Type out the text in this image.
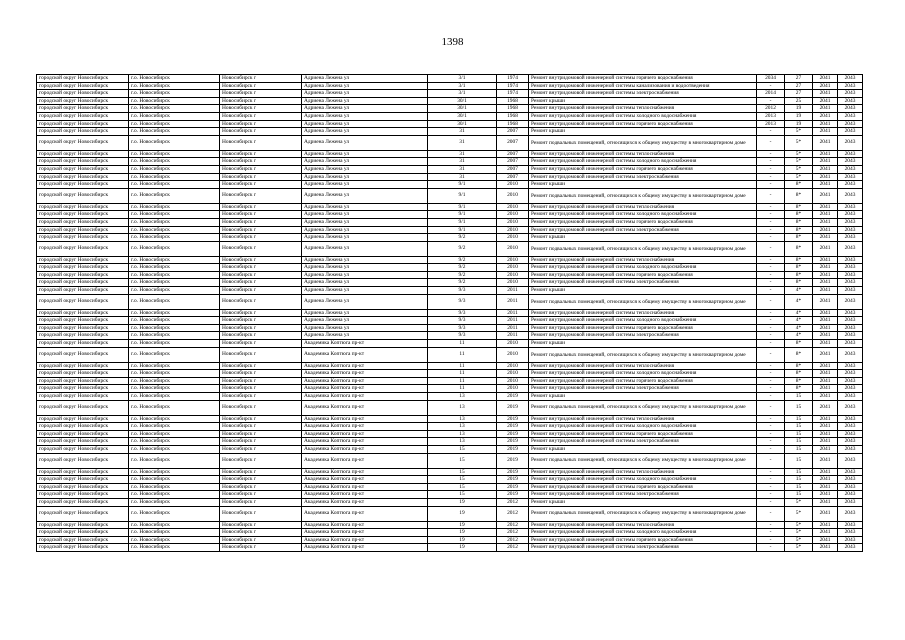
1398
городской округ Новосибирск	г.о. Новосибирск	Новосибирск г	Адриена Лежена ул	3/1	1974	Ремонт внутридомовой инженерной системы горячего водоснабжения	2034	27	2041	2043
городской округ Новосибирск	г.о. Новосибирск	Новосибирск г	Адриена Лежена ул	3/1	1974	Ремонт внутридомовой инженерной системы канализования и водоотведения	-	27	2041	2043
городской округ Новосибирск	г.о. Новосибирск	Новосибирск г	Адриена Лежена ул	3/1	1974	Ремонт внутридомовой инженерной системы электроснабжения	2014	27	2041	2043
городской округ Новосибирск	г.о. Новосибирск	Новосибирск г	Адриена Лежена ул	30/1	1968	Ремонт крыши	-	25	2041	2043
городской округ Новосибирск	г.о. Новосибирск	Новосибирск г	Адриена Лежена ул	30/1	1968	Ремонт внутридомовой инженерной системы теплоснабжения	2012	19	2041	2043
городской округ Новосибирск	г.о. Новосибирск	Новосибирск г	Адриена Лежена ул	30/1	1968	Ремонт внутридомовой инженерной системы холодного водоснабжения	2013	19	2041	2043
городской округ Новосибирск	г.о. Новосибирск	Новосибирск г	Адриена Лежена ул	30/1	1968	Ремонт внутридомовой инженерной системы горячего водоснабжения	2013	19	2041	2043
городской округ Новосибирск	г.о. Новосибирск	Новосибирск г	Адриена Лежена ул	31	2007	Ремонт крыши	-	5*	2041	2043
городской округ Новосибирск	г.о. Новосибирск	Новосибирск г	Адриена Лежена ул	31	2007	Ремонт подвальных помещений, относящихся к общему имуществу в многоквартирном доме	-	5*	2041	2043
городской округ Новосибирск	г.о. Новосибирск	Новосибирск г	Адриена Лежена ул	31	2007	Ремонт внутридомовой инженерной системы теплоснабжения	-	5*	2041	2043
городской округ Новосибирск	г.о. Новосибирск	Новосибирск г	Адриена Лежена ул	31	2007	Ремонт внутридомовой инженерной системы холодного водоснабжения	-	5*	2041	2043
городской округ Новосибирск	г.о. Новосибирск	Новосибирск г	Адриена Лежена ул	31	2007	Ремонт внутридомовой инженерной системы горячего водоснабжения	-	5*	2041	2043
городской округ Новосибирск	г.о. Новосибирск	Новосибирск г	Адриена Лежена ул	31	2007	Ремонт внутридомовой инженерной системы электроснабжения	-	5*	2041	2043
городской округ Новосибирск	г.о. Новосибирск	Новосибирск г	Адриена Лежена ул	9/1	2010	Ремонт крыши	-	8*	2041	2043
городской округ Новосибирск	г.о. Новосибирск	Новосибирск г	Адриена Лежена ул	9/1	2010	Ремонт подвальных помещений, относящихся к общему имуществу в многоквартирном доме	-	8*	2041	2043
городской округ Новосибирск	г.о. Новосибирск	Новосибирск г	Адриена Лежена ул	9/1	2010	Ремонт внутридомовой инженерной системы теплоснабжения	-	8*	2041	2043
городской округ Новосибирск	г.о. Новосибирск	Новосибирск г	Адриена Лежена ул	9/1	2010	Ремонт внутридомовой инженерной системы холодного водоснабжения	-	8*	2041	2043
городской округ Новосибирск	г.о. Новосибирск	Новосибирск г	Адриена Лежена ул	9/1	2010	Ремонт внутридомовой инженерной системы горячего водоснабжения	-	8*	2041	2043
городской округ Новосибирск	г.о. Новосибирск	Новосибирск г	Адриена Лежена ул	9/1	2010	Ремонт внутридомовой инженерной системы электроснабжения	-	8*	2041	2043
городской округ Новосибирск	г.о. Новосибирск	Новосибирск г	Адриена Лежена ул	9/2	2010	Ремонт крыши	-	8*	2041	2043
городской округ Новосибирск	г.о. Новосибирск	Новосибирск г	Адриена Лежена ул	9/2	2010	Ремонт подвальных помещений, относящихся к общему имуществу в многоквартирном доме	-	8*	2041	2043
городской округ Новосибирск	г.о. Новосибирск	Новосибирск г	Адриена Лежена ул	9/2	2010	Ремонт внутридомовой инженерной системы теплоснабжения	-	8*	2041	2043
городской округ Новосибирск	г.о. Новосибирск	Новосибирск г	Адриена Лежена ул	9/2	2010	Ремонт внутридомовой инженерной системы холодного водоснабжения	-	8*	2041	2043
городской округ Новосибирск	г.о. Новосибирск	Новосибирск г	Адриена Лежена ул	9/2	2010	Ремонт внутридомовой инженерной системы горячего водоснабжения	-	8*	2041	2043
городской округ Новосибирск	г.о. Новосибирск	Новосибирск г	Адриена Лежена ул	9/2	2010	Ремонт внутридомовой инженерной системы электроснабжения	-	8*	2041	2043
городской округ Новосибирск	г.о. Новосибирск	Новосибирск г	Адриена Лежена ул	9/3	2011	Ремонт крыши	-	4*	2041	2043
городской округ Новосибирск	г.о. Новосибирск	Новосибирск г	Адриена Лежена ул	9/3	2011	Ремонт подвальных помещений, относящихся к общему имуществу в многоквартирном доме	-	4*	2041	2043
городской округ Новосибирск	г.о. Новосибирск	Новосибирск г	Адриена Лежена ул	9/3	2011	Ремонт внутридомовой инженерной системы теплоснабжения	-	4*	2041	2043
городской округ Новосибирск	г.о. Новосибирск	Новосибирск г	Адриена Лежена ул	9/3	2011	Ремонт внутридомовой инженерной системы холодного водоснабжения	-	4*	2041	2043
городской округ Новосибирск	г.о. Новосибирск	Новосибирск г	Адриена Лежена ул	9/3	2011	Ремонт внутридомовой инженерной системы горячего водоснабжения	-	4*	2041	2043
городской округ Новосибирск	г.о. Новосибирск	Новосибирск г	Адриена Лежена ул	9/3	2011	Ремонт внутридомовой инженерной системы электроснабжения	-	4*	2041	2043
городской округ Новосибирск	г.о. Новосибирск	Новосибирск г	Академика Коптюга пр-кт	11	2010	Ремонт крыши	-	8*	2041	2043
городской округ Новосибирск	г.о. Новосибирск	Новосибирск г	Академика Коптюга пр-кт	11	2010	Ремонт подвальных помещений, относящихся к общему имуществу в многоквартирном доме	-	8*	2041	2043
городской округ Новосибирск	г.о. Новосибирск	Новосибирск г	Академика Коптюга пр-кт	11	2010	Ремонт внутридомовой инженерной системы теплоснабжения	-	8*	2041	2043
городской округ Новосибирск	г.о. Новосибирск	Новосибирск г	Академика Коптюга пр-кт	11	2010	Ремонт внутридомовой инженерной системы холодного водоснабжения	-	8*	2041	2043
городской округ Новосибирск	г.о. Новосибирск	Новосибирск г	Академика Коптюга пр-кт	11	2010	Ремонт внутридомовой инженерной системы горячего водоснабжения	-	8*	2041	2043
городской округ Новосибирск	г.о. Новосибирск	Новосибирск г	Академика Коптюга пр-кт	11	2010	Ремонт внутридомовой инженерной системы электроснабжения	-	8*	2041	2043
городской округ Новосибирск	г.о. Новосибирск	Новосибирск г	Академика Коптюга пр-кт	13	2019	Ремонт крыши	-	15	2041	2043
городской округ Новосибирск	г.о. Новосибирск	Новосибирск г	Академика Коптюга пр-кт	13	2019	Ремонт подвальных помещений, относящихся к общему имуществу в многоквартирном доме	-	15	2041	2043
городской округ Новосибирск	г.о. Новосибирск	Новосибирск г	Академика Коптюга пр-кт	13	2019	Ремонт внутридомовой инженерной системы теплоснабжения	-	15	2041	2043
городской округ Новосибирск	г.о. Новосибирск	Новосибирск г	Академика Коптюга пр-кт	13	2019	Ремонт внутридомовой инженерной системы холодного водоснабжения	-	15	2041	2043
городской округ Новосибирск	г.о. Новосибирск	Новосибирск г	Академика Коптюга пр-кт	13	2019	Ремонт внутридомовой инженерной системы горячего водоснабжения	-	15	2041	2043
городской округ Новосибирск	г.о. Новосибирск	Новосибирск г	Академика Коптюга пр-кт	13	2019	Ремонт внутридомовой инженерной системы электроснабжения	-	15	2041	2043
городской округ Новосибирск	г.о. Новосибирск	Новосибирск г	Академика Коптюга пр-кт	15	2019	Ремонт крыши	-	15	2041	2043
городской округ Новосибирск	г.о. Новосибирск	Новосибирск г	Академика Коптюга пр-кт	15	2019	Ремонт подвальных помещений, относящихся к общему имуществу в многоквартирном доме	-	15	2041	2043
городской округ Новосибирск	г.о. Новосибирск	Новосибирск г	Академика Коптюга пр-кт	15	2019	Ремонт внутридомовой инженерной системы теплоснабжения	-	15	2041	2043
городской округ Новосибирск	г.о. Новосибирск	Новосибирск г	Академика Коптюга пр-кт	15	2019	Ремонт внутридомовой инженерной системы холодного водоснабжения	-	15	2041	2043
городской округ Новосибирск	г.о. Новосибирск	Новосибирск г	Академика Коптюга пр-кт	15	2019	Ремонт внутридомовой инженерной системы горячего водоснабжения	-	15	2041	2043
городской округ Новосибирск	г.о. Новосибирск	Новосибирск г	Академика Коптюга пр-кт	15	2019	Ремонт внутридомовой инженерной системы электроснабжения	-	15	2041	2043
городской округ Новосибирск	г.о. Новосибирск	Новосибирск г	Академика Коптюга пр-кт	19	2012	Ремонт крыши	-	5*	2041	2043
городской округ Новосибирск	г.о. Новосибирск	Новосибирск г	Академика Коптюга пр-кт	19	2012	Ремонт подвальных помещений, относящихся к общему имуществу в многоквартирном доме	-	5*	2041	2043
городской округ Новосибирск	г.о. Новосибирск	Новосибирск г	Академика Коптюга пр-кт	19	2012	Ремонт внутридомовой инженерной системы теплоснабжения	-	5*	2041	2043
городской округ Новосибирск	г.о. Новосибирск	Новосибирск г	Академика Коптюга пр-кт	19	2012	Ремонт внутридомовой инженерной системы холодного водоснабжения	-	5*	2041	2043
городской округ Новосибирск	г.о. Новосибирск	Новосибирск г	Академика Коптюга пр-кт	19	2012	Ремонт внутридомовой инженерной системы горячего водоснабжения	-	5*	2041	2043
городской округ Новосибирск	г.о. Новосибирск	Новосибирск г	Академика Коптюга пр-кт	19	2012	Ремонт внутридомовой инженерной системы электроснабжения	-	5*	2041	2043
